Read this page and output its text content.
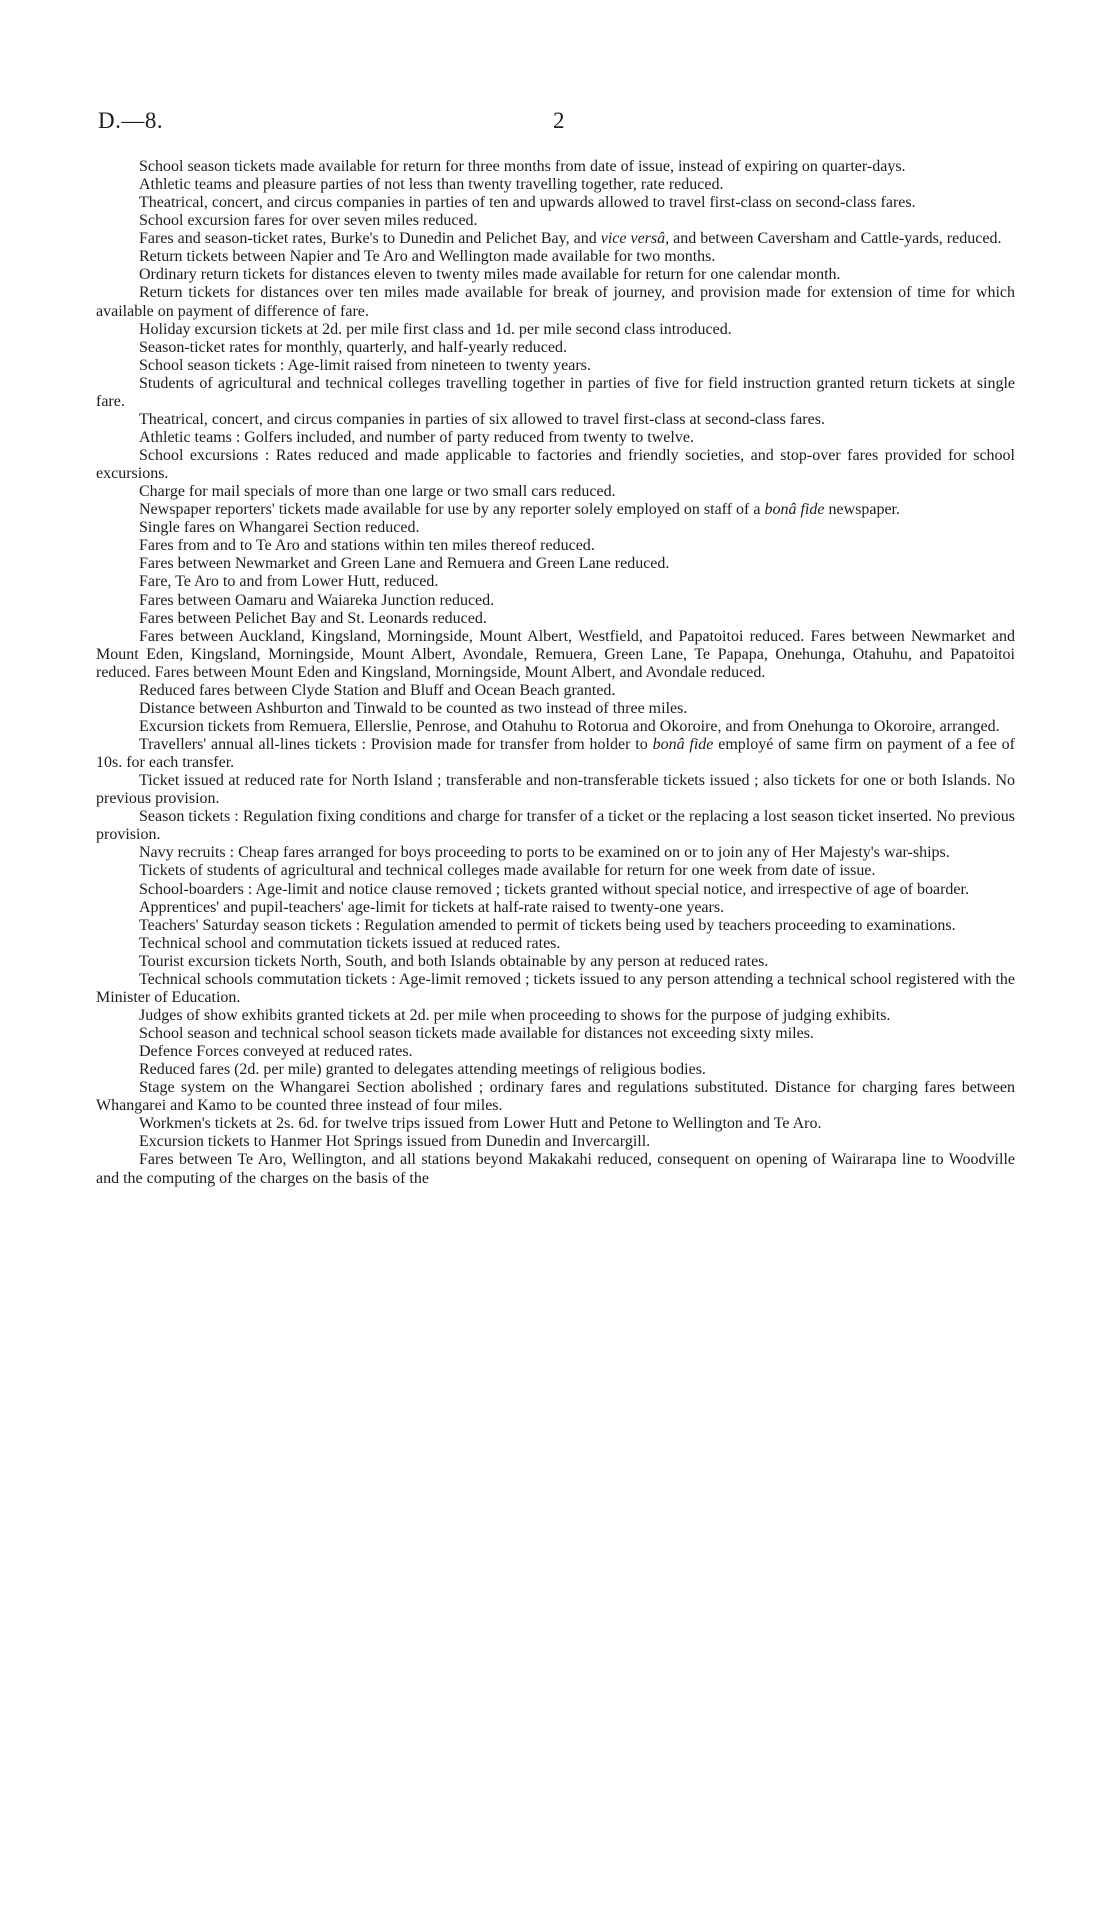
D.—8.	2

School season tickets made available for return for three months from date of issue, instead of expiring on quarter-days.

Athletic teams and pleasure parties of not less than twenty travelling together, rate reduced.

Theatrical, concert, and circus companies in parties of ten and upwards allowed to travel first-class on second-class fares.

School excursion fares for over seven miles reduced.

Fares and season-ticket rates, Burke's to Dunedin and Pelichet Bay, and vice versâ, and between Caversham and Cattle-yards, reduced.

Return tickets between Napier and Te Aro and Wellington made available for two months.

Ordinary return tickets for distances eleven to twenty miles made available for return for one calendar month.

Return tickets for distances over ten miles made available for break of journey, and provision made for extension of time for which available on payment of difference of fare.

Holiday excursion tickets at 2d. per mile first class and 1d. per mile second class introduced.

Season-ticket rates for monthly, quarterly, and half-yearly reduced.

School season tickets : Age-limit raised from nineteen to twenty years.

Students of agricultural and technical colleges travelling together in parties of five for field instruction granted return tickets at single fare.

Theatrical, concert, and circus companies in parties of six allowed to travel first-class at second-class fares.

Athletic teams : Golfers included, and number of party reduced from twenty to twelve.

School excursions : Rates reduced and made applicable to factories and friendly societies, and stop-over fares provided for school excursions.

Charge for mail specials of more than one large or two small cars reduced.

Newspaper reporters' tickets made available for use by any reporter solely employed on staff of a bonâ fide newspaper.

Single fares on Whangarei Section reduced.

Fares from and to Te Aro and stations within ten miles thereof reduced.

Fares between Newmarket and Green Lane and Remuera and Green Lane reduced.

Fare, Te Aro to and from Lower Hutt, reduced.

Fares between Oamaru and Waiareka Junction reduced.

Fares between Pelichet Bay and St. Leonards reduced.

Fares between Auckland, Kingsland, Morningside, Mount Albert, Westfield, and Papatoitoi reduced. Fares between Newmarket and Mount Eden, Kingsland, Morningside, Mount Albert, Avondale, Remuera, Green Lane, Te Papapa, Onehunga, Otahuhu, and Papatoitoi reduced. Fares between Mount Eden and Kingsland, Morningside, Mount Albert, and Avondale reduced.

Reduced fares between Clyde Station and Bluff and Ocean Beach granted.

Distance between Ashburton and Tinwald to be counted as two instead of three miles.

Excursion tickets from Remuera, Ellerslie, Penrose, and Otahuhu to Rotorua and Okoroire, and from Onehunga to Okoroire, arranged.

Travellers' annual all-lines tickets : Provision made for transfer from holder to bonâ fide employé of same firm on payment of a fee of 10s. for each transfer.

Ticket issued at reduced rate for North Island ; transferable and non-transferable tickets issued ; also tickets for one or both Islands. No previous provision.

Season tickets : Regulation fixing conditions and charge for transfer of a ticket or the replacing a lost season ticket inserted. No previous provision.

Navy recruits : Cheap fares arranged for boys proceeding to ports to be examined on or to join any of Her Majesty's war-ships.

Tickets of students of agricultural and technical colleges made available for return for one week from date of issue.

School-boarders : Age-limit and notice clause removed ; tickets granted without special notice, and irrespective of age of boarder.

Apprentices' and pupil-teachers' age-limit for tickets at half-rate raised to twenty-one years.

Teachers' Saturday season tickets : Regulation amended to permit of tickets being used by teachers proceeding to examinations.

Technical school and commutation tickets issued at reduced rates.

Tourist excursion tickets North, South, and both Islands obtainable by any person at reduced rates.

Technical schools commutation tickets : Age-limit removed ; tickets issued to any person attending a technical school registered with the Minister of Education.

Judges of show exhibits granted tickets at 2d. per mile when proceeding to shows for the purpose of judging exhibits.

School season and technical school season tickets made available for distances not exceeding sixty miles.

Defence Forces conveyed at reduced rates.

Reduced fares (2d. per mile) granted to delegates attending meetings of religious bodies.

Stage system on the Whangarei Section abolished ; ordinary fares and regulations substituted. Distance for charging fares between Whangarei and Kamo to be counted three instead of four miles.

Workmen's tickets at 2s. 6d. for twelve trips issued from Lower Hutt and Petone to Wellington and Te Aro.

Excursion tickets to Hanmer Hot Springs issued from Dunedin and Invercargill.

Fares between Te Aro, Wellington, and all stations beyond Makakahi reduced, consequent on opening of Wairarapa line to Woodville and the computing of the charges on the basis of the
